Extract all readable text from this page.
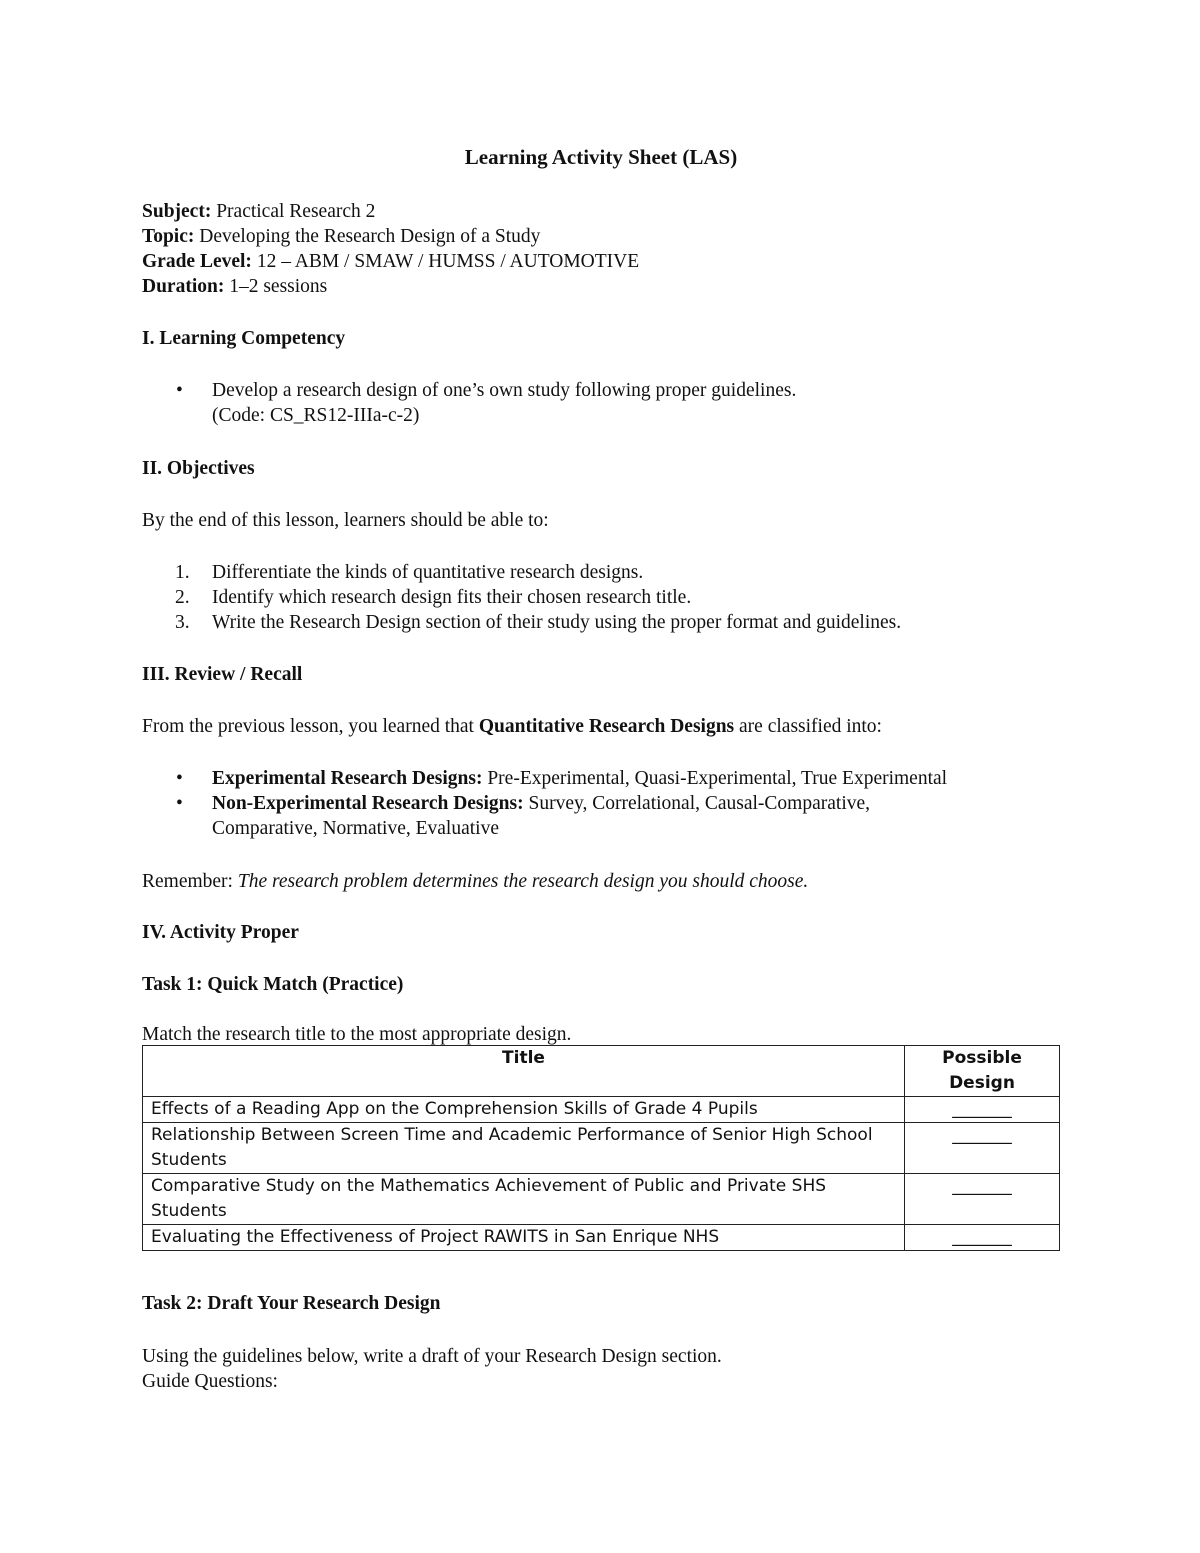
Learning Activity Sheet (LAS)
Subject: Practical Research 2
Topic: Developing the Research Design of a Study
Grade Level: 12 – ABM / SMAW / HUMSS / AUTOMOTIVE
Duration: 1–2 sessions
I. Learning Competency
• Develop a research design of one’s own study following proper guidelines.
(Code: CS_RS12-IIIa-c-2)
II. Objectives
By the end of this lesson, learners should be able to:
1. Differentiate the kinds of quantitative research designs.
2. Identify which research design fits their chosen research title.
3. Write the Research Design section of their study using the proper format and guidelines.
III. Review / Recall
From the previous lesson, you learned that Quantitative Research Designs are classified into:
• Experimental Research Designs: Pre-Experimental, Quasi-Experimental, True Experimental
• Non-Experimental Research Designs: Survey, Correlational, Causal-Comparative,
Comparative, Normative, Evaluative
Remember: The research problem determines the research design you should choose.
IV. Activity Proper
Task 1: Quick Match (Practice)
Match the research title to the most appropriate design.
Title	Possible Design
Effects of a Reading App on the Comprehension Skills of Grade 4 Pupils	_______
Relationship Between Screen Time and Academic Performance of Senior High School Students	_______
Comparative Study on the Mathematics Achievement of Public and Private SHS Students	_______
Evaluating the Effectiveness of Project RAWITS in San Enrique NHS	_______
Task 2: Draft Your Research Design
Using the guidelines below, write a draft of your Research Design section.
Guide Questions:
